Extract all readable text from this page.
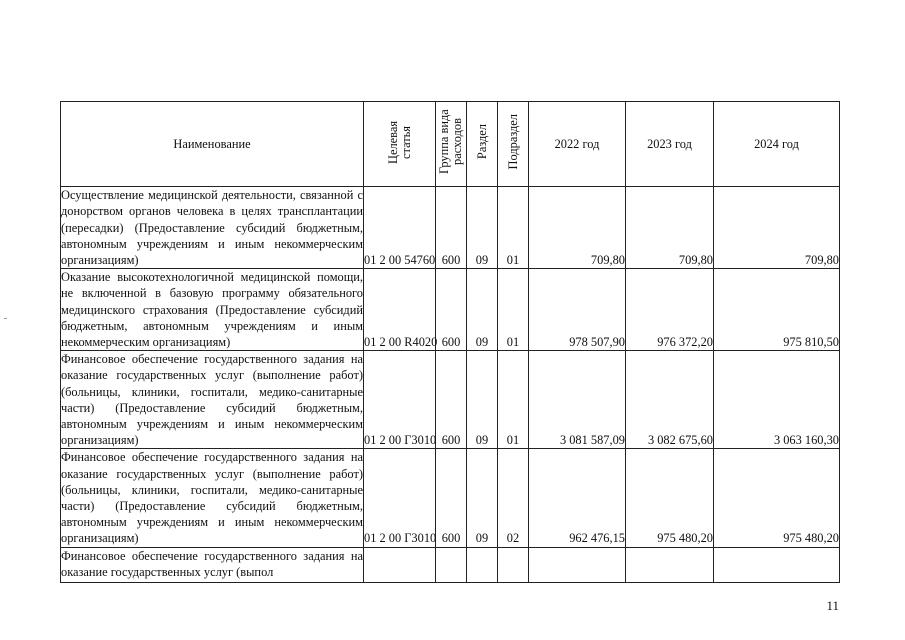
Наименование	Целевая статья	Группа вида расходов	Раздел	Подраздел	2022 год	2023 год	2024 год
Осуществление медицинской деятельности, связанной с донорством органов человека в целях трансплантации (пересадки) (Предоставление субсидий бюджетным, автономным учреждениям и иным некоммерческим организациям)	01 2 00 54760	600	09	01	709,80	709,80	709,80
Оказание высокотехнологичной медицинской помощи, не включенной в базовую программу обязательного медицинского страхования (Предоставление субсидий бюджетным, автономным учреждениям и иным некоммерческим организациям)	01 2 00 R4020	600	09	01	978 507,90	976 372,20	975 810,50
Финансовое обеспечение государственного задания на оказание государственных услуг (выполнение работ) (больницы, клиники, госпитали, медико-санитарные части) (Предоставление субсидий бюджетным, автономным учреждениям и иным некоммерческим организациям)	01 2 00 Г3010	600	09	01	3 081 587,09	3 082 675,60	3 063 160,30
Финансовое обеспечение государственного задания на оказание государственных услуг (выполнение работ) (больницы, клиники, госпитали, медико-санитарные части) (Предоставление субсидий бюджетным, автономным учреждениям и иным некоммерческим организациям)	01 2 00 Г3010	600	09	02	962 476,15	975 480,20	975 480,20

Финансовое обеспечение государственного задания на оказание государственных услуг (выпол							

11
